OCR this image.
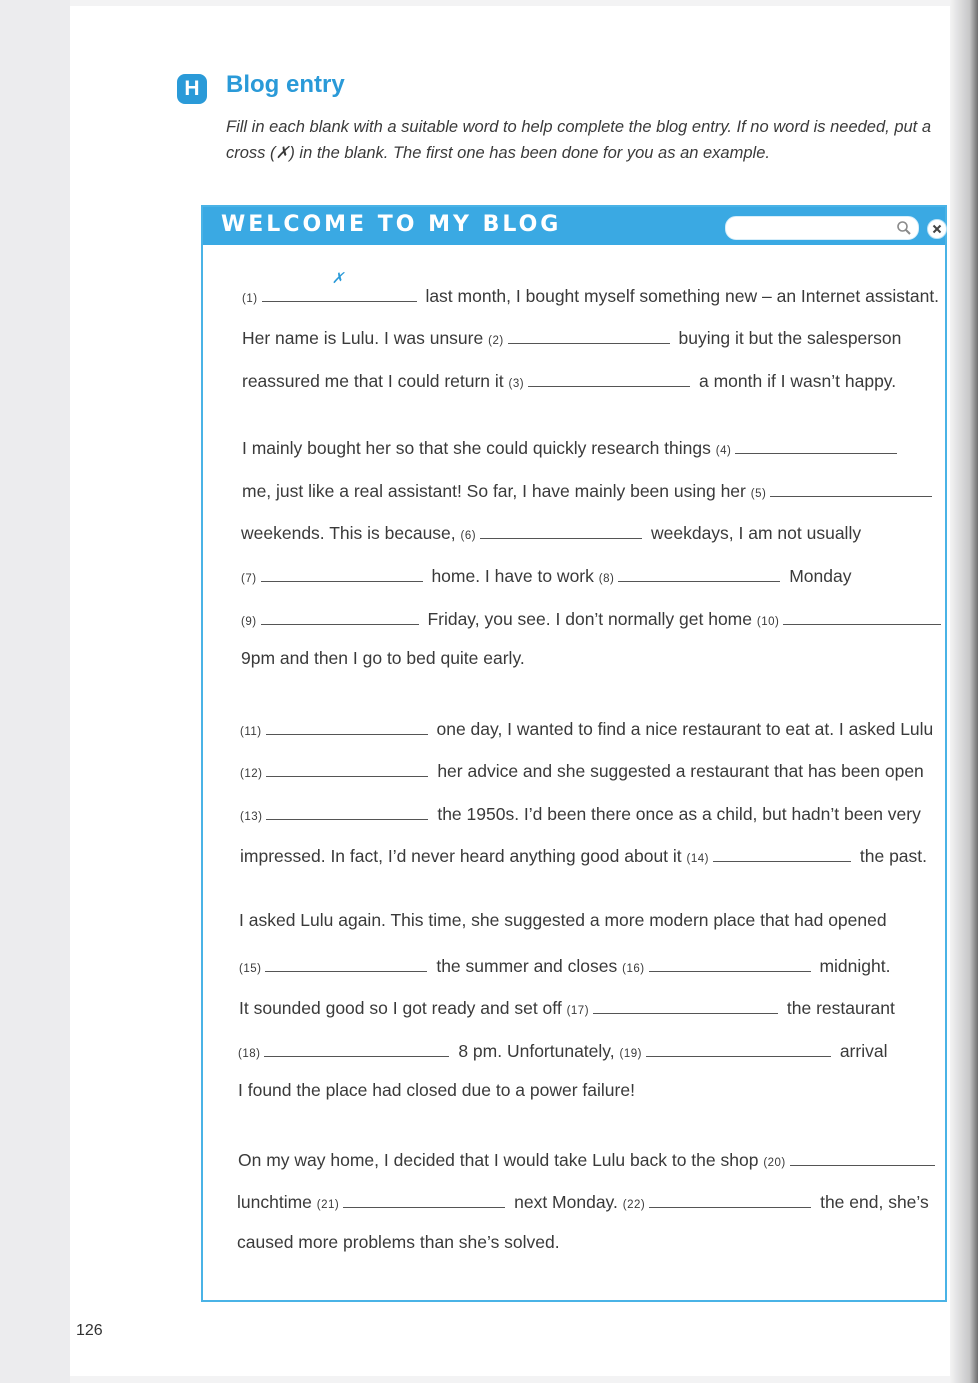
H	Blog entry
Fill in each blank with a suitable word to help complete the blog entry. If no word is needed, put a cross (✗) in the blank. The first one has been done for you as an example.
WELCOME TO MY BLOG
(1)
✗
last month, I bought myself something new – an Internet assistant.
Her name is Lulu. I was unsure (2)	buying it but the salesperson
reassured me that I could return it (3)	a month if I wasn’t happy.
I mainly bought her so that she could quickly research things (4)
me, just like a real assistant! So far, I have mainly been using her (5)
weekends. This is because, (6)	weekdays, I am not usually
(7)	home. I have to work (8)	Monday
(9)	Friday, you see. I don’t normally get home (10)
9pm and then I go to bed quite early.
(11)	one day, I wanted to find a nice restaurant to eat at. I asked Lulu
(12)	her advice and she suggested a restaurant that has been open
(13)	the 1950s. I’d been there once as a child, but hadn’t been very
impressed. In fact, I’d never heard anything good about it (14)	the past.
I asked Lulu again. This time, she suggested a more modern place that had opened
(15)	the summer and closes (16)	midnight.
It sounded good so I got ready and set off (17)	the restaurant
(18)	8 pm. Unfortunately, (19)	arrival
I found the place had closed due to a power failure!
On my way home, I decided that I would take Lulu back to the shop (20)
lunchtime (21)	next Monday. (22)	the end, she’s
caused more problems than she’s solved.
126
